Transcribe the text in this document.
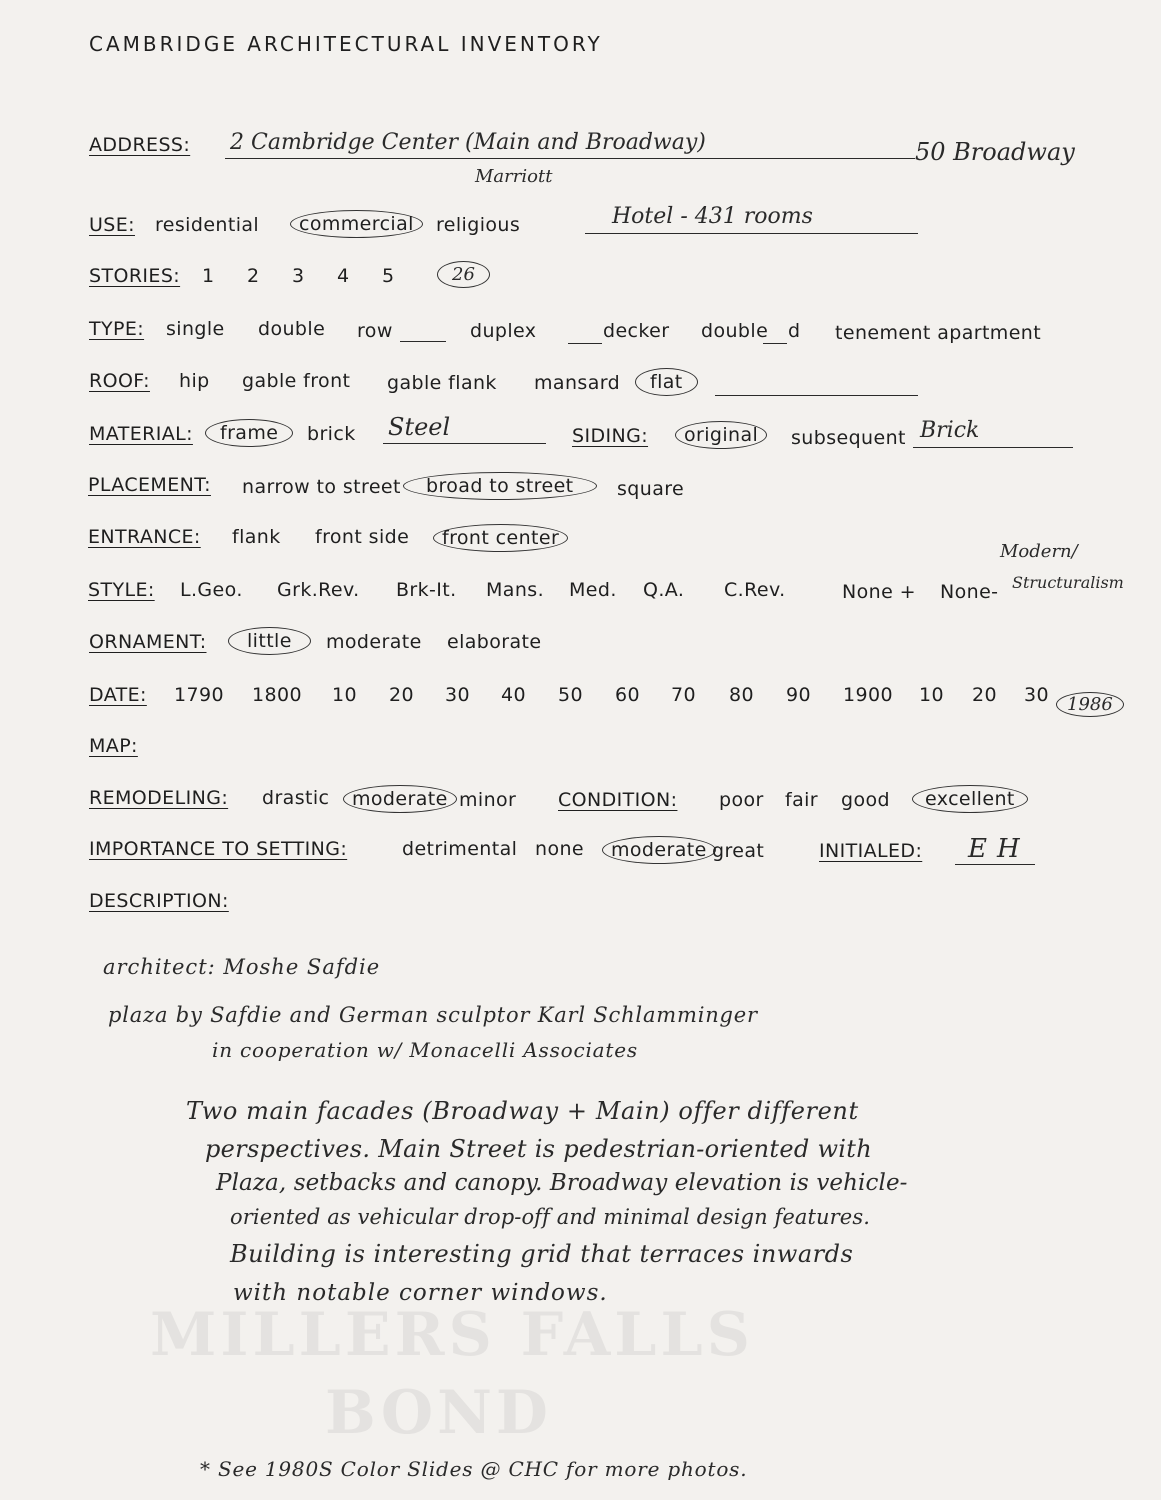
CAMBRIDGE ARCHITECTURAL INVENTORY
ADDRESS: 2 Cambridge Center (Main and Broadway)	50 Broadway
Marriott
USE: residential	commercial	religious	Hotel - 431 rooms
STORIES: 1 2 3 4 5	26
TYPE: single double row	duplex	decker double d tenement apartment
ROOF: hip gable front gable flank mansard	flat
MATERIAL:	frame	brick Steel	SIDING:	original	subsequent Brick
PLACEMENT: narrow to street	broad to street	square
ENTRANCE: flank front side	front center
STYLE: L.Geo. Grk.Rev. Brk-It. Mans. Med. Q.A. C.Rev.	None + None-
Modern/
Structuralism
ORNAMENT:	little	moderate elaborate
DATE: 1790 1800 10 20 30 40 50 60 70 80 90 1900 10 20 30	1986
MAP:
REMODELING: drastic	moderate minor CONDITION: poor fair good	excellent
IMPORTANCE TO SETTING:	detrimental none	moderate great	INITIALED: EH
DESCRIPTION:
architect: Moshe Safdie
plaza by Safdie and German sculptor Karl Schlamminger
in cooperation w/ Monacelli Associates
Two main facades (Broadway + Main) offer different
perspectives. Main Street is pedestrian-oriented with
Plaza, setbacks and canopy. Broadway elevation is vehicle-
oriented as vehicular drop-off and minimal design features.
Building is interesting grid that terraces inwards
with notable corner windows.
MILLERS FALLS
BOND
* See 1980S Color Slides @ CHC for more photos.
